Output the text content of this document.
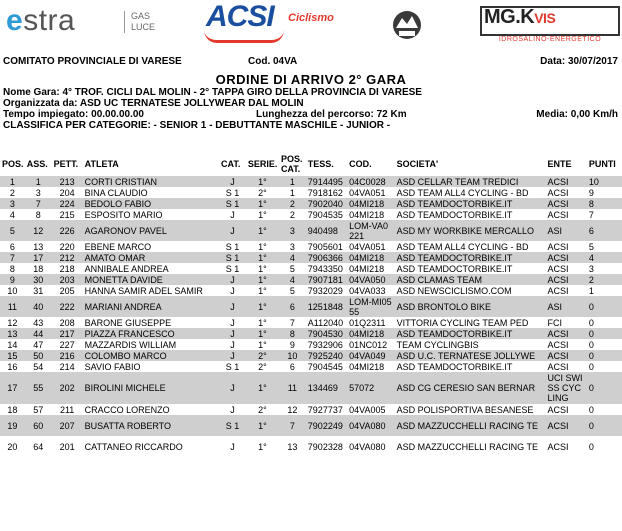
estra	GAS LUCE	ACSI Ciclismo	MG.KVIS
IDROSALINO-ENERGETICO
COMITATO PROVINCIALE DI VARESE	Cod. 04VA	Data: 30/07/2017
ORDINE DI ARRIVO 2° GARA
Nome Gara: 4° TROF. CICLI DAL MOLIN - 2° TAPPA GIRO DELLA PROVINCIA DI VARESE
Organizzata da: ASD UC TERNATESE JOLLYWEAR DAL MOLIN
Tempo impiegato: 00.00.00.00	Lunghezza del percorso: 72 Km	Media: 0,00 Km/h
CLASSIFICA PER CATEGORIE: - SENIOR 1 - DEBUTTANTE MASCHILE - JUNIOR -
POS.	ASS.	PETT.	ATLETA	CAT.	SERIE.	POS. CAT.	TESS.	COD.	SOCIETA'	ENTE	PUNTI
1	1	213	CORTI CRISTIAN	J	1°	1	7914495	04C0028	ASD CELLAR TEAM TREDICI	ACSI	10
2	3	204	BINA CLAUDIO	S 1	2°	1	7918162	04VA051	ASD TEAM ALL4 CYCLING - BD	ACSI	9
3	7	224	BEDOLO FABIO	S 1	1°	2	7902040	04MI218	ASD TEAMDOCTORBIKE.IT	ACSI	8
4	8	215	ESPOSITO MARIO	J	1°	2	7904535	04MI218	ASD TEAMDOCTORBIKE.IT	ACSI	7
5	12	226	AGARONOV PAVEL	J	1°	3	940498	LOM-VA0221	ASD MY WORKBIKE MERCALLO	ASI	6
6	13	220	EBENE MARCO	S 1	1°	3	7905601	04VA051	ASD TEAM ALL4 CYCLING - BD	ACSI	5
7	17	212	AMATO OMAR	S 1	1°	4	7906366	04MI218	ASD TEAMDOCTORBIKE.IT	ACSI	4
8	18	218	ANNIBALE ANDREA	S 1	1°	5	7943350	04MI218	ASD TEAMDOCTORBIKE.IT	ACSI	3
9	30	203	MONETTA DAVIDE	J	1°	4	7907181	04VA050	ASD CLAMAS TEAM	ACSI	2
10	31	205	HANNA SAMIR ADEL SAMIR	J	1°	5	7932029	04VA033	ASD NEWSCICLISMO.COM	ACSI	1
11	40	222	MARIANI ANDREA	J	1°	6	1251848	LOM-MI0555	ASD BRONTOLO BIKE	ASI	0
12	43	208	BARONE GIUSEPPE	J	1°	7	A112040	01Q2311	VITTORIA CYCLING TEAM PED	FCI	0
13	44	217	PIAZZA FRANCESCO	J	1°	8	7904530	04MI218	ASD TEAMDOCTORBIKE.IT	ACSI	0
14	47	227	MAZZARDIS WILLIAM	J	1°	9	7932906	01NC012	TEAM CYCLINGBIS	ACSI	0
15	50	216	COLOMBO MARCO	J	2°	10	7925240	04VA049	ASD U.C. TERNATESE JOLLYWE	ACSI	0
16	54	214	SAVIO FABIO	S 1	2°	6	7904545	04MI218	ASD TEAMDOCTORBIKE.IT	ACSI	0
17	55	202	BIROLINI MICHELE	J	1°	11	134469	57072	ASD CG CERESIO SAN BERNAR	UCI SWISS CYCLING	0
18	57	211	CRACCO LORENZO	J	2°	12	7927737	04VA005	ASD POLISPORTIVA BESANESE	ACSI	0
19	60	207	BUSATTA ROBERTO	S 1	1°	7	7902249	04VA080	ASD MAZZUCCHELLI RACING TE	ACSI	0
20	64	201	CATTANEO RICCARDO	J	1°	13	7902328	04VA080	ASD MAZZUCCHELLI RACING TE	ACSI	0
